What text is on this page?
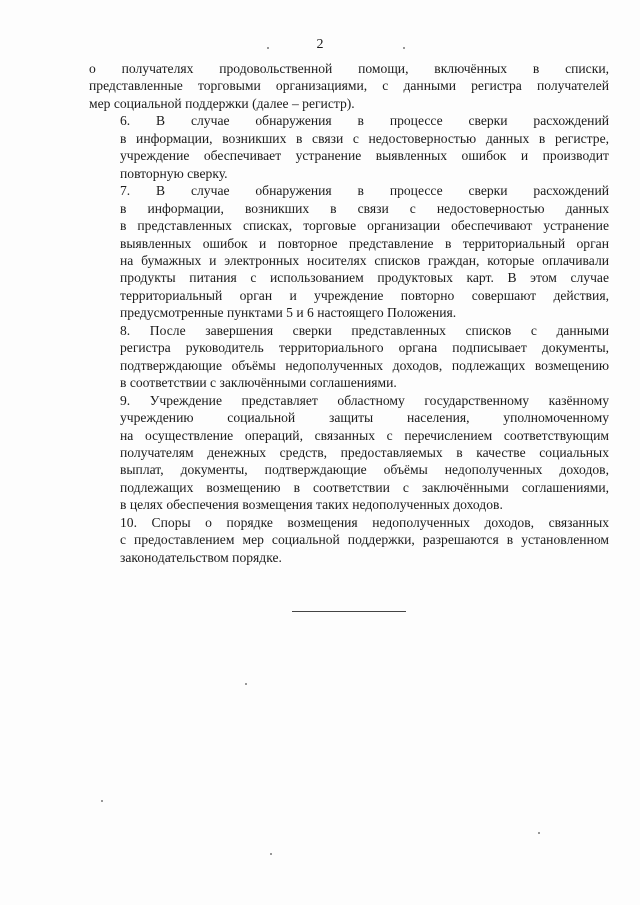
2

о получателях продовольственной помощи, включённых в списки,
представленные торговыми организациями, с данными регистра получателей
мер социальной поддержки (далее – регистр).

6. В случае обнаружения в процессе сверки расхождений
в информации, возникших в связи с недостоверностью данных в регистре,
учреждение обеспечивает устранение выявленных ошибок и производит
повторную сверку.

7. В случае обнаружения в процессе сверки расхождений
в информации, возникших в связи с недостоверностью данных
в представленных списках, торговые организации обеспечивают устранение
выявленных ошибок и повторное представление в территориальный орган
на бумажных и электронных носителях списков граждан, которые оплачивали
продукты питания с использованием продуктовых карт. В этом случае
территориальный орган и учреждение повторно совершают действия,
предусмотренные пунктами 5 и 6 настоящего Положения.

8. После завершения сверки представленных списков с данными
регистра руководитель территориального органа подписывает документы,
подтверждающие объёмы недополученных доходов, подлежащих возмещению
в соответствии с заключёнными соглашениями.

9. Учреждение представляет областному государственному казённому
учреждению социальной защиты населения, уполномоченному
на осуществление операций, связанных с перечислением соответствующим
получателям денежных средств, предоставляемых в качестве социальных
выплат, документы, подтверждающие объёмы недополученных доходов,
подлежащих возмещению в соответствии с заключёнными соглашениями,
в целях обеспечения возмещения таких недополученных доходов.

10. Споры о порядке возмещения недополученных доходов, связанных
с предоставлением мер социальной поддержки, разрешаются в установленном
законодательством порядке.
